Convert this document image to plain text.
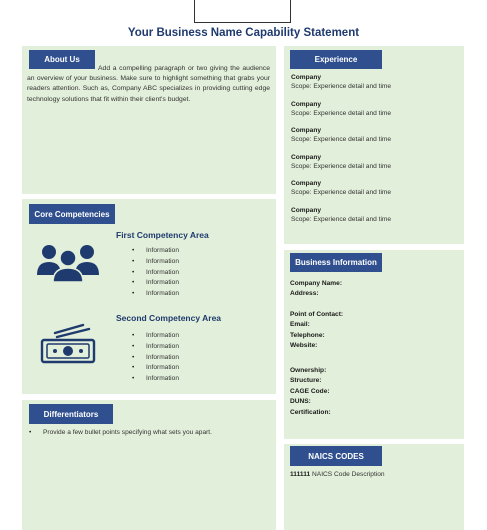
Your Business Name Capability Statement
About Us
Add a compelling paragraph or two giving the audience an overview of your business. Make sure to highlight something that grabs your readers attention. Such as, Company ABC specializes in providing cutting edge technology solutions that fit within their client's budget.
Core Competencies
First Competency Area
• Information
• Information
• Information
• Information
• Information
Second Competency Area
• Information
• Information
• Information
• Information
• Information
Differentiators
• Provide a few bullet points specifying what sets you apart.
Experience
Company
Scope: Experience detail and time
Company
Scope: Experience detail and time
Company
Scope: Experience detail and time
Company
Scope: Experience detail and time
Company
Scope: Experience detail and time
Company
Scope: Experience detail and time
Business Information
Company Name:
Address:
Point of Contact:
Email:
Telephone:
Website:
Ownership:
Structure:
CAGE Code:
DUNS:
Certification:
NAICS CODES
111111 NAICS Code Description
